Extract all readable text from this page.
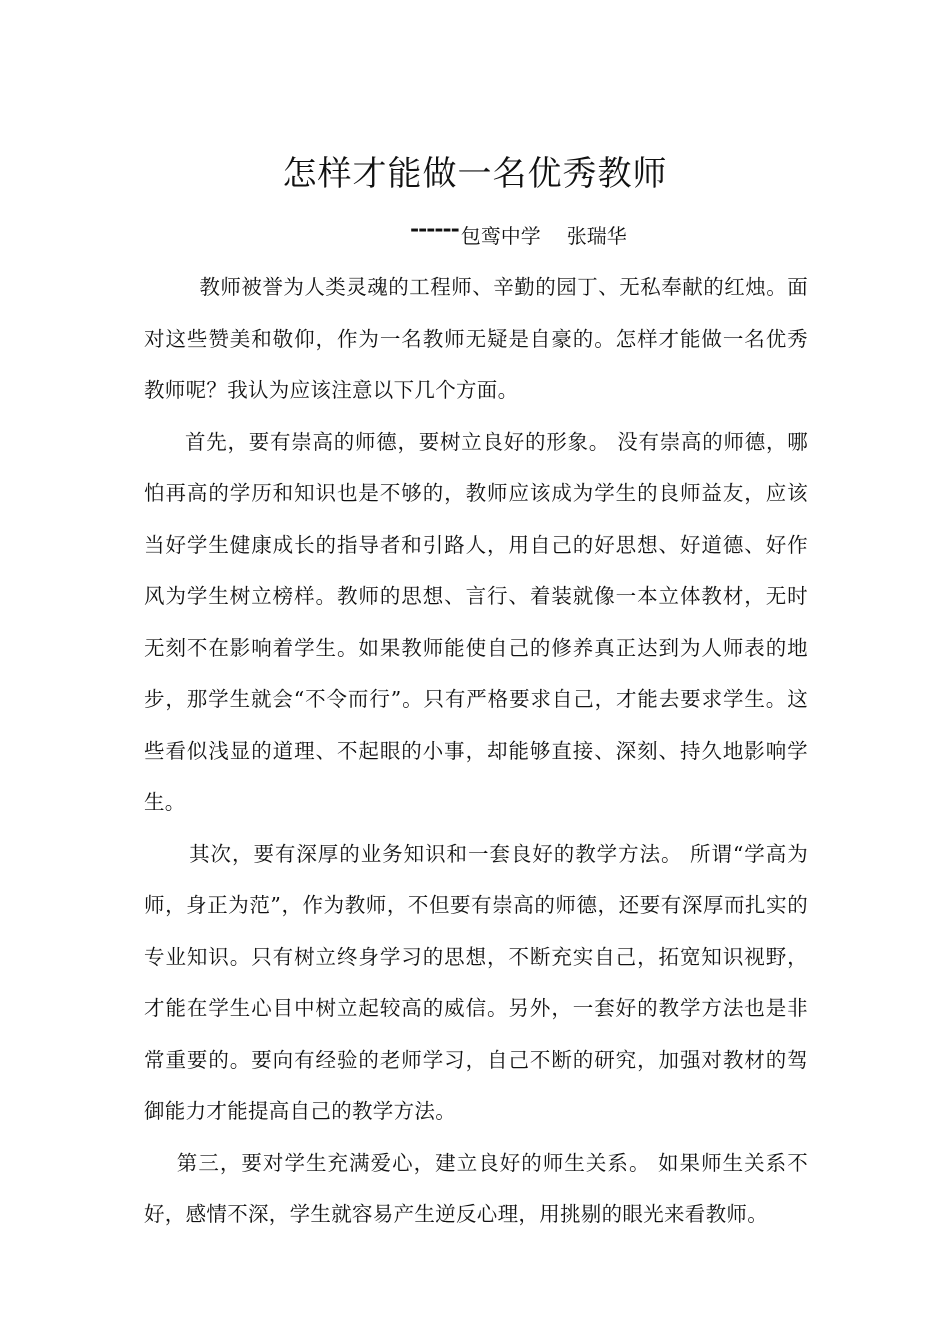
怎样才能做一名优秀教师
------ 包鸾中学 张瑞华

教师被誉为人类灵魂的工程师、辛勤的园丁、无私奉献的红烛。面对这些赞美和敬仰，作为一名教师无疑是自豪的。怎样才能做一名优秀教师呢？我认为应该注意以下几个方面。

首先，要有崇高的师德，要树立良好的形象。 没有崇高的师德，哪怕再高的学历和知识也是不够的，教师应该成为学生的良师益友，应该当好学生健康成长的指导者和引路人，用自己的好思想、好道德、好作风为学生树立榜样。教师的思想、言行、着装就像一本立体教材，无时无刻不在影响着学生。如果教师能使自己的修养真正达到为人师表的地步，那学生就会“不令而行”。只有严格要求自己，才能去要求学生。这些看似浅显的道理、不起眼的小事，却能够直接、深刻、持久地影响学生。

其次，要有深厚的业务知识和一套良好的教学方法。 所谓“学高为师，身正为范”，作为教师，不但要有崇高的师德，还要有深厚而扎实的专业知识。只有树立终身学习的思想，不断充实自己，拓宽知识视野，才能在学生心目中树立起较高的威信。另外，一套好的教学方法也是非常重要的。要向有经验的老师学习，自己不断的研究，加强对教材的驾御能力才能提高自己的教学方法。

第三，要对学生充满爱心，建立良好的师生关系。 如果师生关系不好，感情不深，学生就容易产生逆反心理，用挑剔的眼光来看教师。
